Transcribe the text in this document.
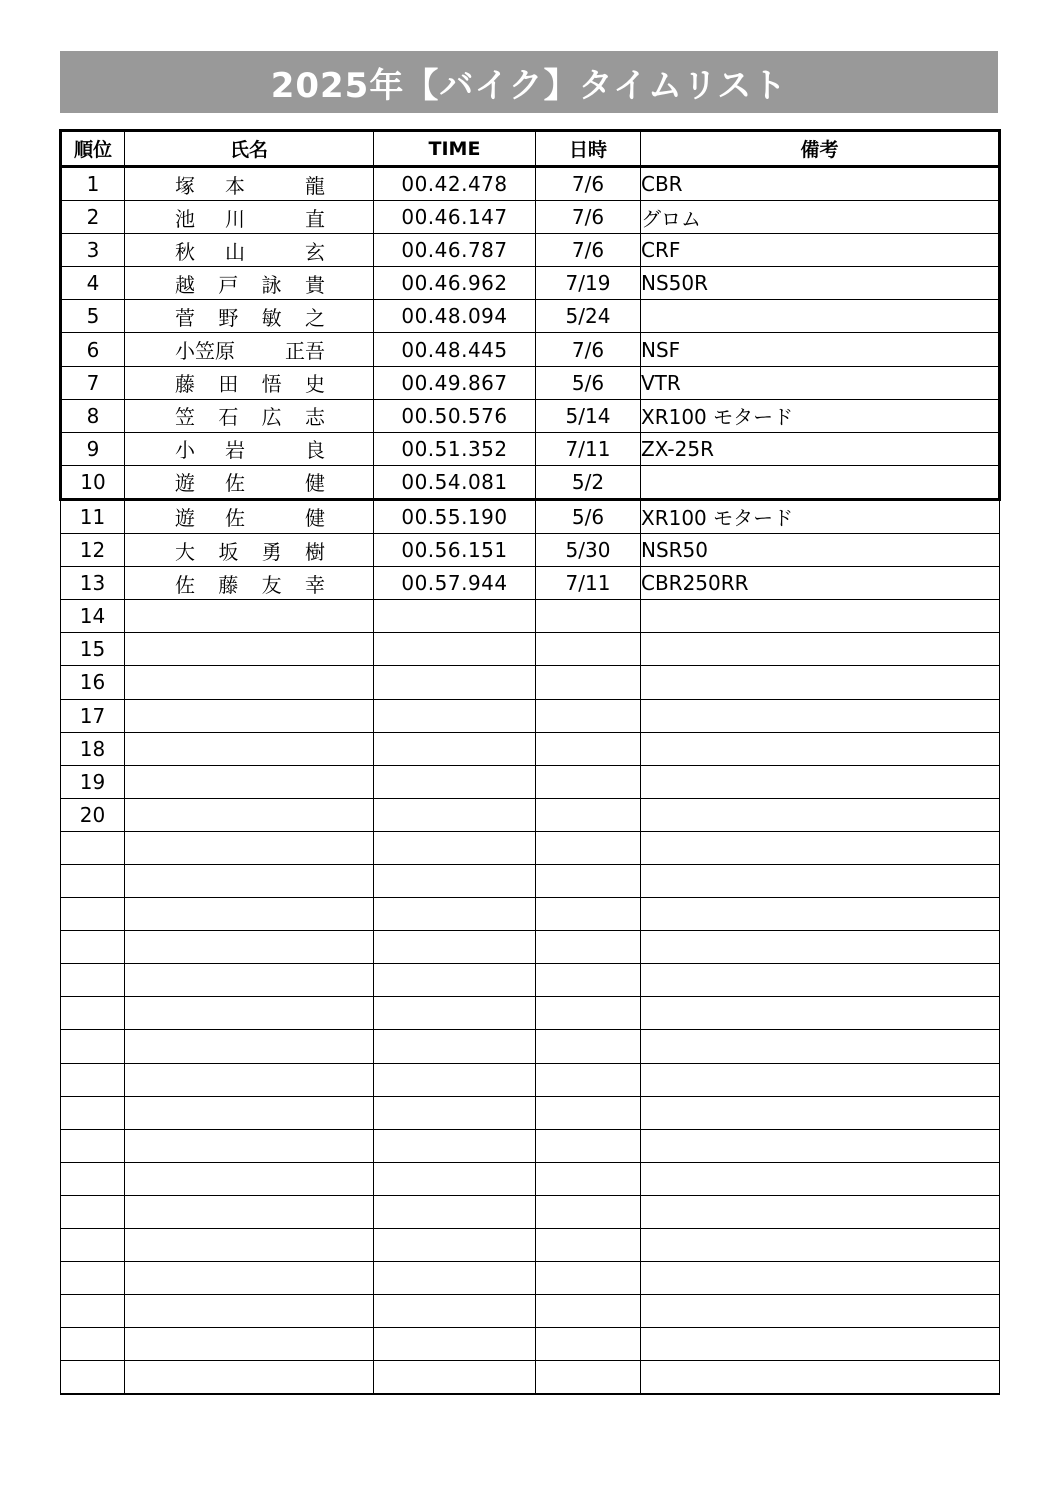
2025年【バイク】タイムリスト
順位	氏名	TIME	日時	備考
1	塚 本 龍	00.42.478	7/6	CBR
2	池 川 直	00.46.147	7/6	グロム
3	秋 山 玄	00.46.787	7/6	CRF
4	越 戸 詠 貴	00.46.962	7/19	NS50R
5	菅 野 敏 之	00.48.094	5/24	
6	小笠原 正吾	00.48.445	7/6	NSF
7	藤 田 悟 史	00.49.867	5/6	VTR
8	笠 石 広 志	00.50.576	5/14	XR100 モタード
9	小 岩 良	00.51.352	7/11	ZX-25R
10	遊 佐 健	00.54.081	5/2	
11	遊 佐 健	00.55.190	5/6	XR100 モタード
12	大 坂 勇 樹	00.56.151	5/30	NSR50
13	佐 藤 友 幸	00.57.944	7/11	CBR250RR
14	

15	

16	

17	

18	

19	

20	
